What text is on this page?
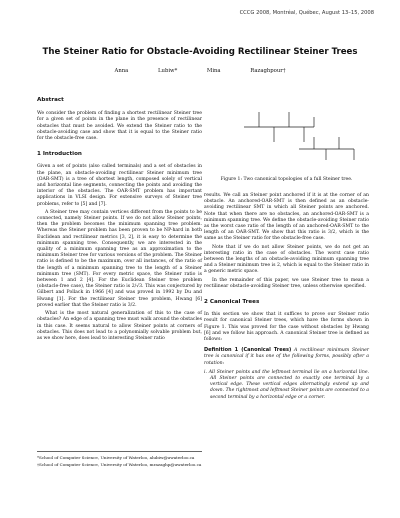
CCCG 2008, Montréal, Québec, August 13–15, 2008
The Steiner Ratio for Obstacle-Avoiding Rectilinear Steiner Trees
Anna Lubiw*	Mina Razaghpour†
Abstract

We consider the problem of finding a shortest rectilinear Steiner tree for a given set of points in the plane in the presence of rectilinear obstacles that must be avoided. We extend the Steiner ratio to the obstacle-avoiding case and show that it is equal to the Steiner ratio for the obstacle-free case.

1 Introduction

Given a set of points (also called terminals) and a set of obstacles in the plane, an obstacle-avoiding rectilinear Steiner minimum tree (OAR-SMT) is a tree of shortest length, composed solely of vertical and horizontal line segments, connecting the points and avoiding the interior of the obstacles. The OAR-SMT problem has important applications in VLSI design. For extensive surveys of Steiner tree problems, refer to [5] and [7].

A Steiner tree may contain vertices different from the points to be connected, namely Steiner points. If we do not allow Steiner points, then the problem becomes the minimum spanning tree problem. Whereas the Steiner problem has been proven to be NP-hard in both Euclidean and rectilinear metrics [3, 2], it is easy to determine the minimum spanning tree. Consequently, we are interested in the quality of a minimum spanning tree as an approximation to the minimum Steiner tree for various versions of the problem. The Steiner ratio is defined to be the maximum, over all instances, of the ratio of the length of a minimum spanning tree to the length of a Steiner minimum tree (SMT). For every metric space, the Steiner ratio is between 1 and 2 [4]. For the Euclidean Steiner tree problem (obstacle-free case), the Steiner ratio is 2/√3. This was conjectured by Gilbert and Pollack in 1966 [4] and was proved in 1992 by Du and Hwang [1]. For the rectilinear Steiner tree problem, Hwang [6] proved earlier that the Steiner ratio is 3/2.

What is the most natural generalization of this to the case of obstacles? An edge of a spanning tree must walk around the obstacles in this case. It seems natural to allow Steiner points at corners of obstacles. This does not lead to a polynomially solvable problem but, as we show here, does lead to interesting Steiner ratio

*School of Computer Science, University of Waterloo, alubiw@uwaterloo.ca
†School of Computer Science, University of Waterloo, mrazaghp@uwaterloo.ca
Figure 1: Two canonical topologies of a full Steiner tree.

results. We call an Steiner point anchored if it is at the corner of an obstacle. An anchored-OAR-SMT is then defined as an obstacle-avoiding rectilinear SMT in which all Steiner points are anchored. Note that when there are no obstacles, an anchored-OAR-SMT is a minimum spanning tree. We define the obstacle-avoiding Steiner ratio as the worst case ratio of the length of an anchored-OAR-SMT to the length of an OAR-SMT. We show that this ratio is 3/2, which is the same as the Steiner ratio for the obstacle-free case.

Note that if we do not allow Steiner points, we do not get an interesting ratio in the case of obstacles. The worst case ratio between the lengths of an obstacle-avoiding minimum spanning tree and a Steiner minimum tree is 2, which is equal to the Steiner ratio in a generic metric space.

In the remainder of this paper, we use Steiner tree to mean a rectilinear obstacle-avoiding Steiner tree, unless otherwise specified.

2 Canonical Trees

In this section we show that it suffices to prove our Steiner ratio result for canonical Steiner trees, which have the forms shown in Figure 1. This was proved for the case without obstacles by Hwang [6] and we follow his approach. A canonical Steiner tree is defined as follows:

Definition 1 (Canonical Trees) A rectilinear minimum Steiner tree is canonical if it has one of the following forms, possibly after a rotation:

i. All Steiner points and the leftmost terminal lie on a horizontal line. All Steiner points are connected to exactly one terminal by a vertical edge. These vertical edges alternatingly extend up and down. The rightmost and leftmost Steiner points are connected to a second terminal by a horizontal edge or a corner.
